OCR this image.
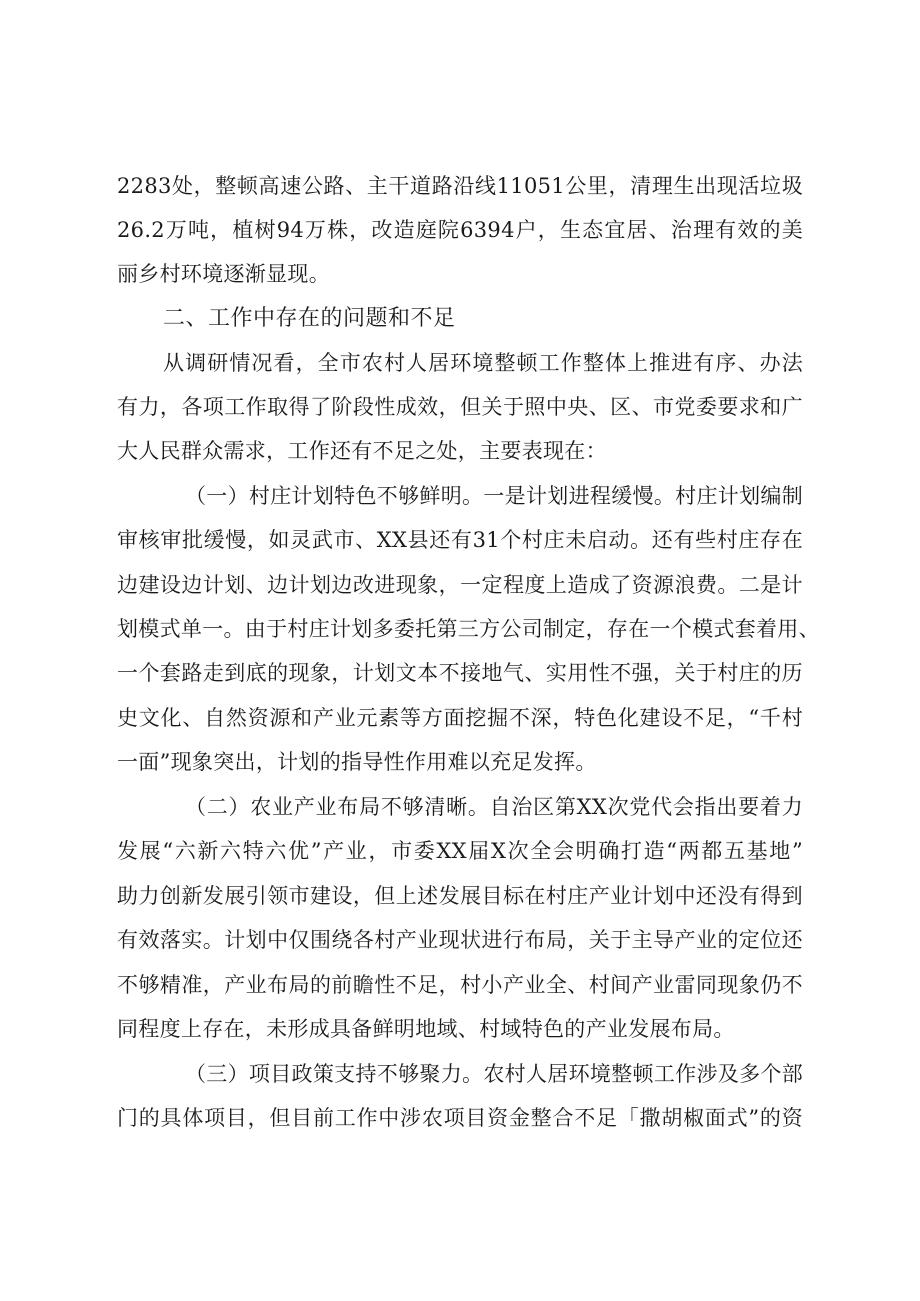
2283处，整顿高速公路、主干道路沿线11051公里，清理生出现活垃圾
26.2万吨，植树94万株，改造庭院6394户，生态宜居、治理有效的美
丽乡村环境逐渐显现。
二、工作中存在的问题和不足
从调研情况看，全市农村人居环境整顿工作整体上推进有序、办法
有力，各项工作取得了阶段性成效，但关于照中央、区、市党委要求和广
大人民群众需求，工作还有不足之处，主要表现在：
（一）村庄计划特色不够鲜明。一是计划进程缓慢。村庄计划编制
审核审批缓慢，如灵武市、XX县还有31个村庄未启动。还有些村庄存在
边建设边计划、边计划边改进现象，一定程度上造成了资源浪费。二是计
划模式单一。由于村庄计划多委托第三方公司制定，存在一个模式套着用、
一个套路走到底的现象，计划文本不接地气、实用性不强，关于村庄的历
史文化、自然资源和产业元素等方面挖掘不深，特色化建设不足，“千村
一面”现象突出，计划的指导性作用难以充足发挥。
（二）农业产业布局不够清晰。自治区第XX次党代会指出要着力
发展“六新六特六优”产业，市委XX届X次全会明确打造“两都五基地”
助力创新发展引领市建设，但上述发展目标在村庄产业计划中还没有得到
有效落实。计划中仅围绕各村产业现状进行布局，关于主导产业的定位还
不够精准，产业布局的前瞻性不足，村小产业全、村间产业雷同现象仍不
同程度上存在，未形成具备鲜明地域、村域特色的产业发展布局。
（三）项目政策支持不够聚力。农村人居环境整顿工作涉及多个部
门的具体项目，但目前工作中涉农项目资金整合不足「撒胡椒面式”的资
